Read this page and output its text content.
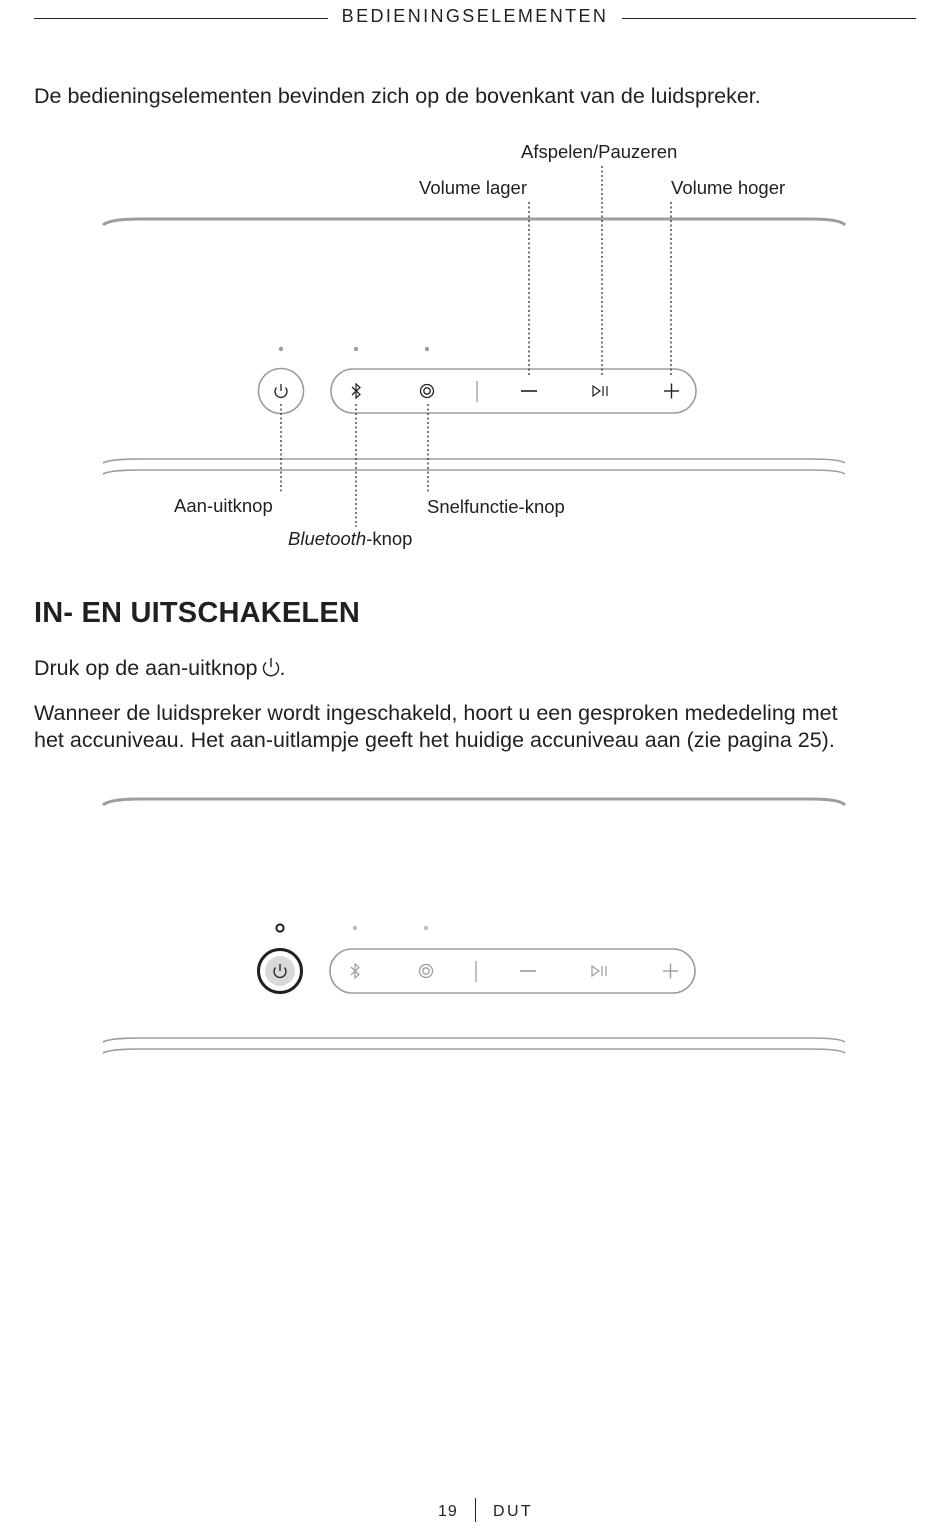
BEDIENINGSELEMENTEN
De bedieningselementen bevinden zich op de bovenkant van de luidspreker.
Afspelen/Pauzeren
Volume lager	Volume hoger
Aan-uitknop	Snelfunctie-knop
Bluetooth-knop
IN- EN UITSCHAKELEN
Druk op de aan-uitknop .
Wanneer de luidspreker wordt ingeschakeld, hoort u een gesproken mededeling met
het accuniveau. Het aan-uitlampje geeft het huidige accuniveau aan (zie pagina 25).
19 DUT
